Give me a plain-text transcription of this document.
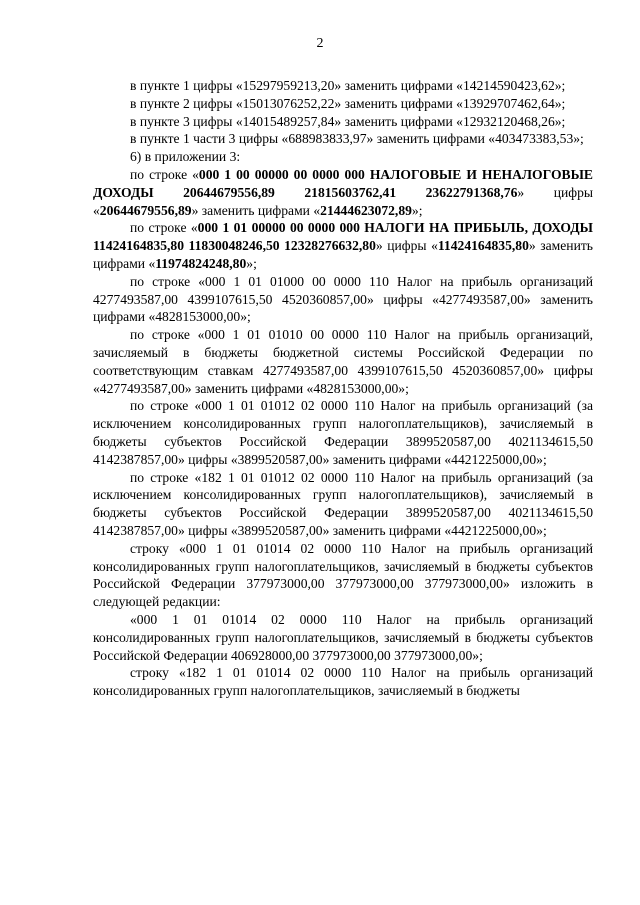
2

в пункте 1 цифры «15297959213,20» заменить цифрами «14214590423,62»;

в пункте 2 цифры «15013076252,22» заменить цифрами «13929707462,64»;

в пункте 3 цифры «14015489257,84» заменить цифрами «12932120468,26»;

в пункте 1 части 3 цифры «688983833,97» заменить цифрами «403473383,53»;

6) в приложении 3:

по строке «000 1 00 00000 00 0000 000 НАЛОГОВЫЕ И НЕНАЛОГОВЫЕ ДОХОДЫ 20644679556,89 21815603762,41 23622791368,76» цифры «20644679556,89» заменить цифрами «21444623072,89»;

по строке «000 1 01 00000 00 0000 000 НАЛОГИ НА ПРИБЫЛЬ, ДОХОДЫ 11424164835,80 11830048246,50 12328276632,80» цифры «11424164835,80» заменить цифрами «11974824248,80»;

по строке «000 1 01 01000 00 0000 110 Налог на прибыль организаций 4277493587,00 4399107615,50 4520360857,00» цифры «4277493587,00» заменить цифрами «4828153000,00»;

по строке «000 1 01 01010 00 0000 110 Налог на прибыль организаций, зачисляемый в бюджеты бюджетной системы Российской Федерации по соответствующим ставкам 4277493587,00 4399107615,50 4520360857,00» цифры «4277493587,00» заменить цифрами «4828153000,00»;

по строке «000 1 01 01012 02 0000 110 Налог на прибыль организаций (за исключением консолидированных групп налогоплательщиков), зачисляемый в бюджеты субъектов Российской Федерации 3899520587,00 4021134615,50 4142387857,00» цифры «3899520587,00» заменить цифрами «4421225000,00»;

по строке «182 1 01 01012 02 0000 110 Налог на прибыль организаций (за исключением консолидированных групп налогоплательщиков), зачисляемый в бюджеты субъектов Российской Федерации 3899520587,00 4021134615,50 4142387857,00» цифры «3899520587,00» заменить цифрами «4421225000,00»;

строку «000 1 01 01014 02 0000 110 Налог на прибыль организаций консолидированных групп налогоплательщиков, зачисляемый в бюджеты субъектов Российской Федерации 377973000,00 377973000,00 377973000,00» изложить в следующей редакции:

«000 1 01 01014 02 0000 110 Налог на прибыль организаций консолидированных групп налогоплательщиков, зачисляемый в бюджеты субъектов Российской Федерации 406928000,00 377973000,00 377973000,00»;

строку «182 1 01 01014 02 0000 110 Налог на прибыль организаций консолидированных групп налогоплательщиков, зачисляемый в бюджеты
